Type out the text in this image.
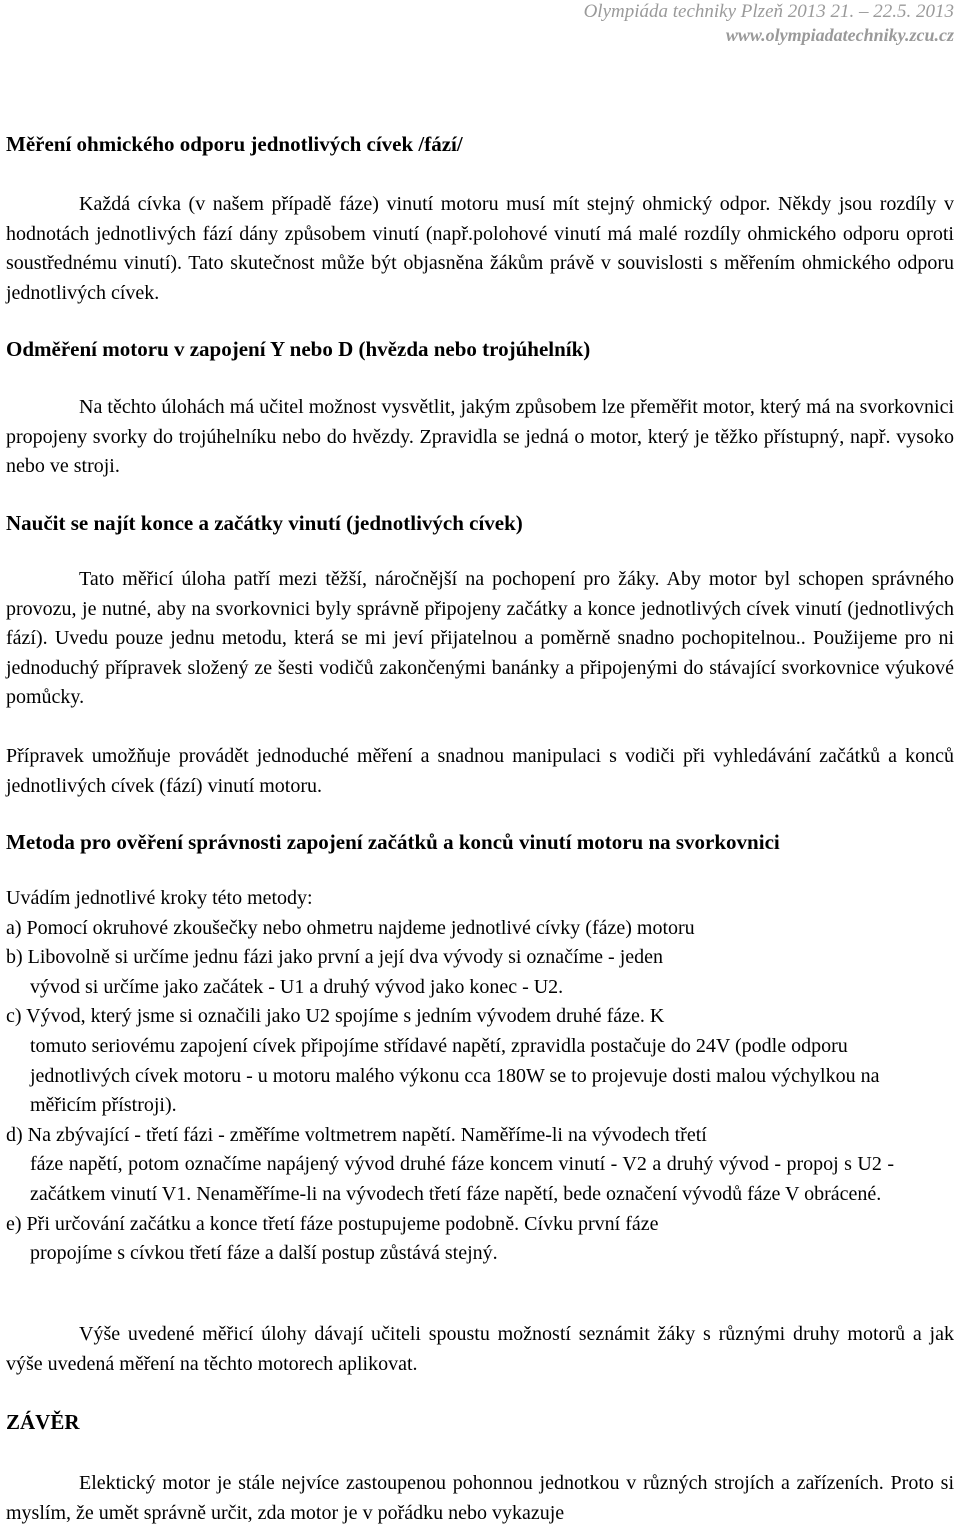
Olympiáda techniky Plzeň 2013 21. – 22.5. 2013
www.olympiadatechniky.zcu.cz
Měření ohmického odporu jednotlivých cívek /fází/

Každá cívka (v našem případě fáze) vinutí motoru musí mít stejný ohmický odpor. Někdy jsou rozdíly v hodnotách jednotlivých fází dány způsobem vinutí (např.polohové vinutí má malé rozdíly ohmického odporu oproti soustřednému vinutí). Tato skutečnost může být objasněna žákům právě v souvislosti s měřením ohmického odporu jednotlivých cívek.

Odměření motoru v zapojení Y nebo D (hvězda nebo trojúhelník)

Na těchto úlohách má učitel možnost vysvětlit, jakým způsobem lze přeměřit motor, který má na svorkovnici propojeny svorky do trojúhelníku nebo do hvězdy. Zpravidla se jedná o motor, který je těžko přístupný, např. vysoko nebo ve stroji.

Naučit se najít konce a začátky vinutí (jednotlivých cívek)

Tato měřicí úloha patří mezi těžší, náročnější na pochopení pro žáky. Aby motor byl schopen správného provozu, je nutné, aby na svorkovnici byly správně připojeny začátky a konce jednotlivých cívek vinutí (jednotlivých fází). Uvedu pouze jednu metodu, která se mi jeví přijatelnou a poměrně snadno pochopitelnou.. Použijeme pro ni jednoduchý přípravek složený ze šesti vodičů zakončenými banánky a připojenými do stávající svorkovnice výukové pomůcky.

Přípravek umožňuje provádět jednoduché měření a snadnou manipulaci s vodiči při vyhledávání začátků a konců jednotlivých cívek (fází) vinutí motoru.

Metoda pro ověření správnosti zapojení začátků a konců vinutí motoru na svorkovnici

Uvádím jednotlivé kroky této metody:

a) Pomocí okruhové zkoušečky nebo ohmetru najdeme jednotlivé cívky (fáze) motoru
b) Libovolně si určíme jednu fázi jako první a její dva vývody si označíme - jeden
vývod si určíme jako začátek - U1 a druhý vývod jako konec - U2.
c) Vývod, který jsme si označili jako U2 spojíme s jedním vývodem druhé fáze. K
tomuto seriovému zapojení cívek připojíme střídavé napětí, zpravidla postačuje do 24V (podle odporu jednotlivých cívek motoru - u motoru malého výkonu cca 180W se to projevuje dosti malou výchylkou na měřicím přístroji).
d) Na zbývající - třetí fázi - změříme voltmetrem napětí. Naměříme-li na vývodech třetí
fáze napětí, potom označíme napájený vývod druhé fáze koncem vinutí - V2 a druhý vývod - propoj s U2 - začátkem vinutí V1. Nenaměříme-li na vývodech třetí fáze napětí, bede označení vývodů fáze V obrácené.
e) Při určování začátku a konce třetí fáze postupujeme podobně. Cívku první fáze
propojíme s cívkou třetí fáze a další postup zůstává stejný.

Výše uvedené měřicí úlohy dávají učiteli spoustu možností seznámit žáky s různými druhy motorů a jak výše uvedená měření na těchto motorech aplikovat.

ZÁVĚR

Elektický motor je stále nejvíce zastoupenou pohonnou jednotkou v různých strojích a zařízeních. Proto si myslím, že umět správně určit, zda motor je v pořádku nebo vykazuje
